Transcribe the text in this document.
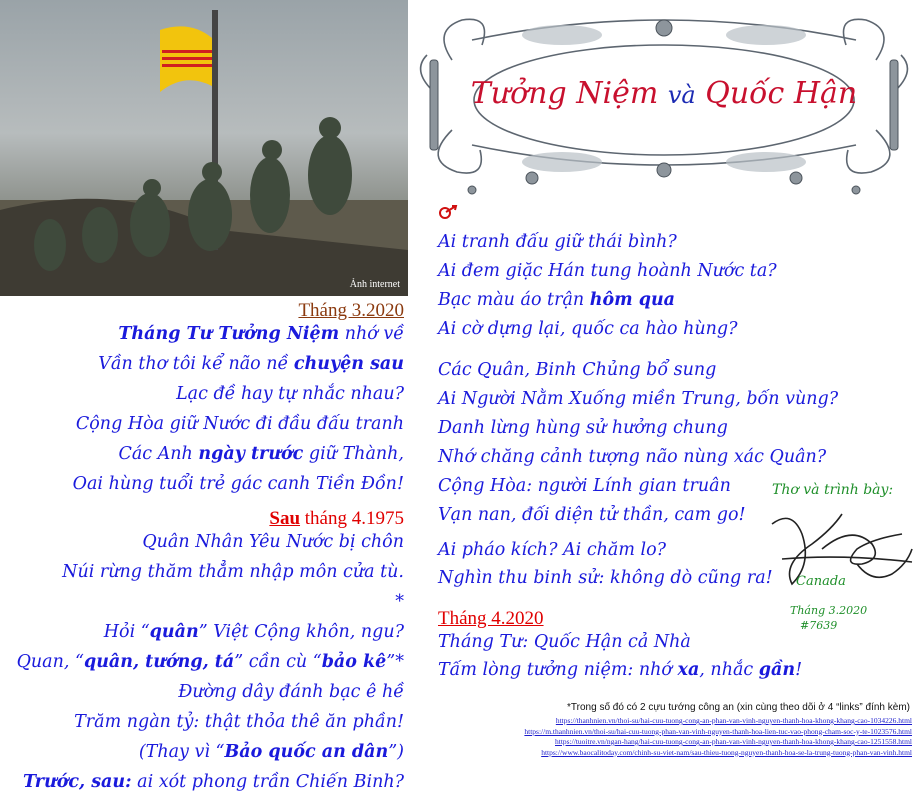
Ảnh internet
Tưởng Niệm và Quốc Hận
Tháng 3.2020
Tháng Tư Tưởng Niệm nhớ về
Vần thơ tôi kể não nề chuyện sau
Lạc đề hay tự nhắc nhau?
Cộng Hòa giữ Nước đi đầu đấu tranh
Các Anh ngày trước giữ Thành,
Oai hùng tuổi trẻ gác canh Tiền Đồn!
Sau tháng 4.1975
Quân Nhân Yêu Nước bị chôn
Núi rừng thăm thẳm nhập môn cửa tù.
*
Hỏi “quân” Việt Cộng khôn, ngu?
Quan, “quân, tướng, tá” cần cù “bảo kê”*
Đường dây đánh bạc ê hề
Trăm ngàn tỷ: thật thỏa thê ăn phần!
(Thay vì “Bảo quốc an dân”)
Trước, sau: ai xót phong trần Chiến Binh?
Ai tranh đấu giữ thái bình?
Ai đem giặc Hán tung hoành Nước ta?
Bạc màu áo trận hôm qua
Ai cờ dựng lại, quốc ca hào hùng?
Các Quân, Binh Chủng bổ sung
Ai Người Nằm Xuống miền Trung, bốn vùng?
Danh lừng hùng sử hưởng chung
Nhớ chăng cảnh tượng não nùng xác Quân?
Cộng Hòa: người Lính gian truân
Vạn nan, đối diện tử thần, cam go!
Ai pháo kích? Ai chăm lo?
Nghìn thu binh sử: không dò cũng ra!
Tháng 4.2020
Tháng Tư: Quốc Hận cả Nhà
Tấm lòng tưởng niệm: nhớ xa, nhắc gần!
Thơ và trình bày:
Canada
Tháng 3.2020
#7639
*Trong số đó có 2 cựu tướng công an (xin cùng theo dõi ở 4 “links” đính kèm)
https://thanhnien.vn/thoi-su/hai-cuu-tuong-cong-an-phan-van-vinh-nguyen-thanh-hoa-khong-khang-cao-1034226.html
https://m.thanhnien.vn/thoi-su/hai-cuu-tuong-phan-van-vinh-nguyen-thanh-hoa-lien-tuc-vao-phong-cham-soc-y-te-1023576.html
https://tuoitre.vn/ngan-hang/hai-cuu-tuong-cong-an-phan-van-vinh-nguyen-thanh-hoa-khong-khang-cao-1251558.html
https://www.baocalitoday.com/chinh-su-viet-nam/sau-thieu-tuong-nguyen-thanh-hoa-se-la-trung-tuong-phan-van-vinh.html
